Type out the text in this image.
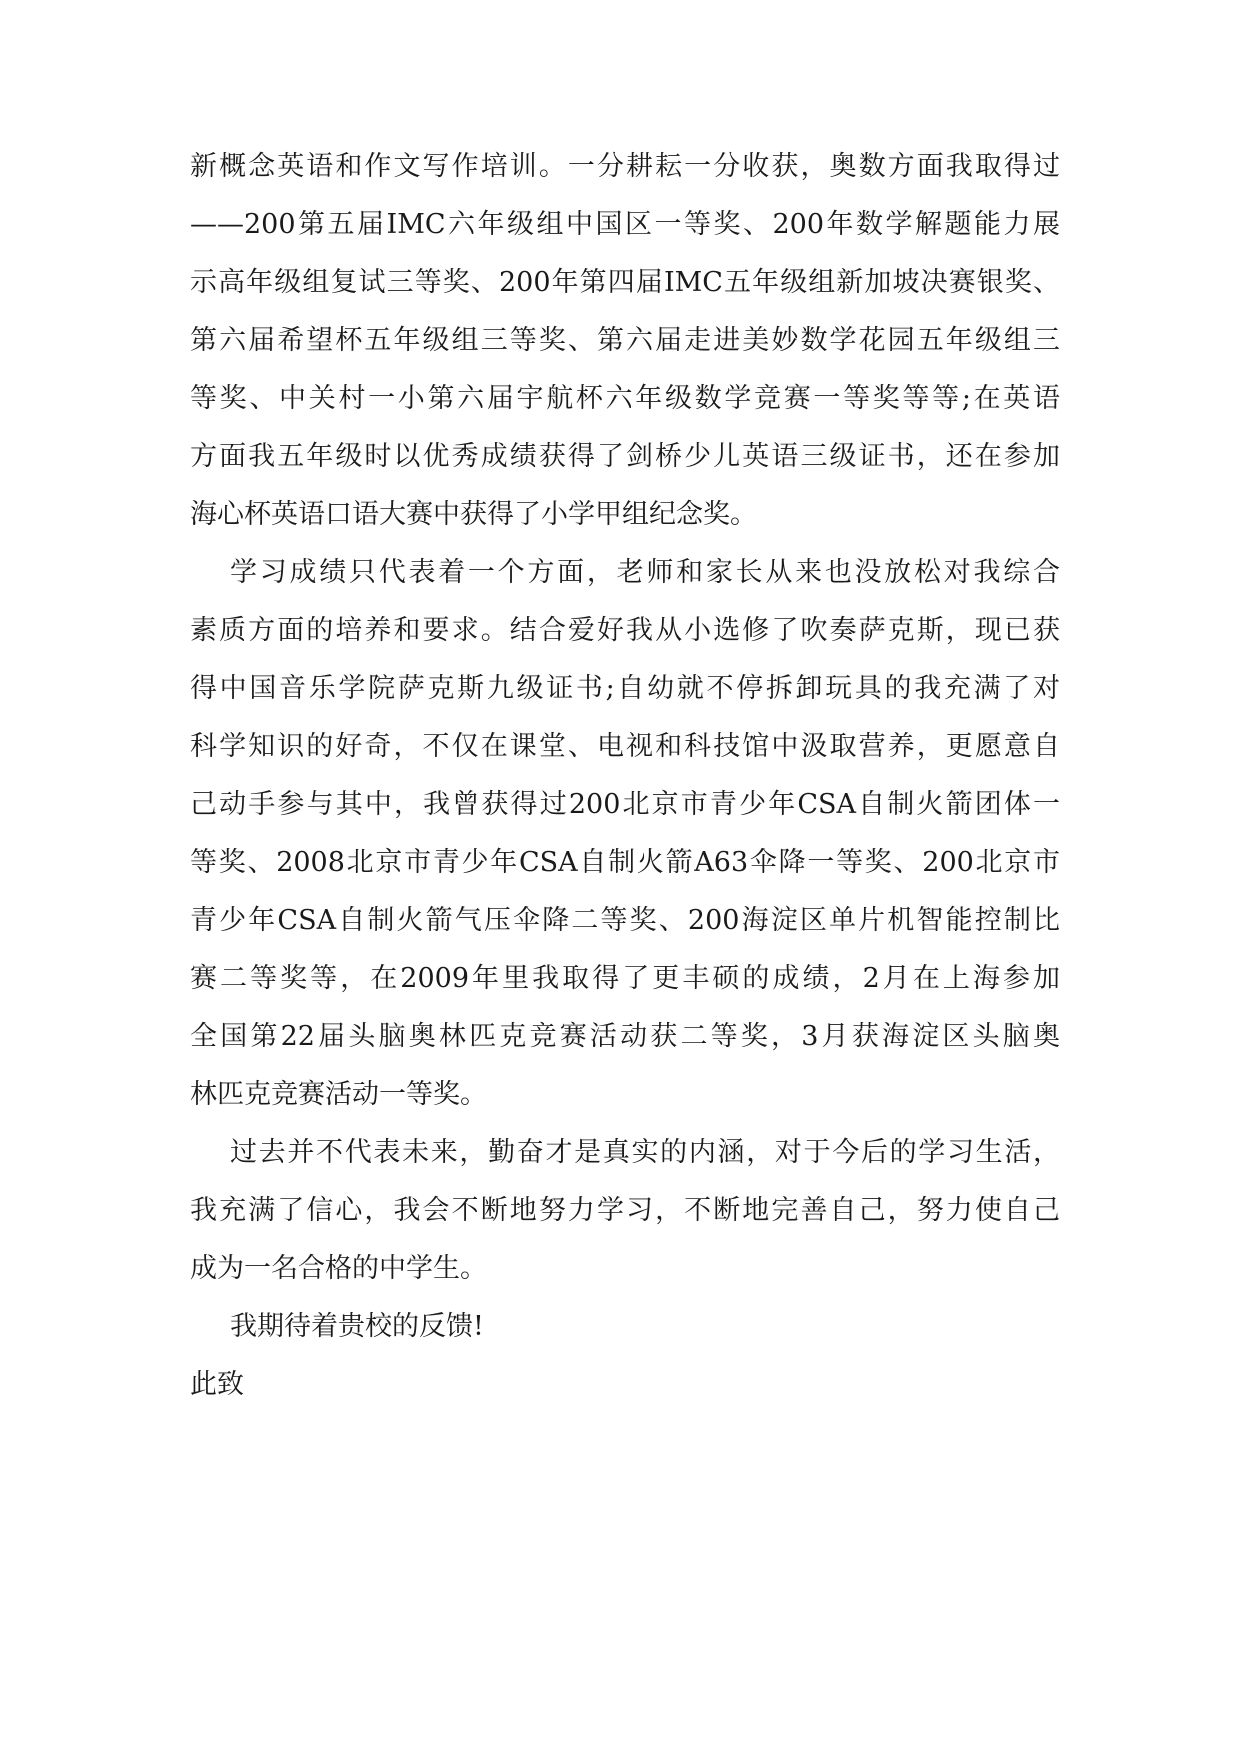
新概念英语和作文写作培训。一分耕耘一分收获，奥数方面我取得过
——200第五届IMC六年级组中国区一等奖、200年数学解题能力展
示高年级组复试三等奖、200年第四届IMC五年级组新加坡决赛银奖、
第六届希望杯五年级组三等奖、第六届走进美妙数学花园五年级组三
等奖、中关村一小第六届宇航杯六年级数学竞赛一等奖等等;在英语
方面我五年级时以优秀成绩获得了剑桥少儿英语三级证书，还在参加
海心杯英语口语大赛中获得了小学甲组纪念奖。
学习成绩只代表着一个方面，老师和家长从来也没放松对我综合
素质方面的培养和要求。结合爱好我从小选修了吹奏萨克斯，现已获
得中国音乐学院萨克斯九级证书;自幼就不停拆卸玩具的我充满了对
科学知识的好奇，不仅在课堂、电视和科技馆中汲取营养，更愿意自
己动手参与其中，我曾获得过200北京市青少年CSA自制火箭团体一
等奖、2008北京市青少年CSA自制火箭A63伞降一等奖、200北京市
青少年CSA自制火箭气压伞降二等奖、200海淀区单片机智能控制比
赛二等奖等，在2009年里我取得了更丰硕的成绩，2月在上海参加
全国第22届头脑奥林匹克竞赛活动获二等奖，3月获海淀区头脑奥
林匹克竞赛活动一等奖。
过去并不代表未来，勤奋才是真实的内涵，对于今后的学习生活，
我充满了信心，我会不断地努力学习，不断地完善自己，努力使自己
成为一名合格的中学生。
我期待着贵校的反馈!
此致
